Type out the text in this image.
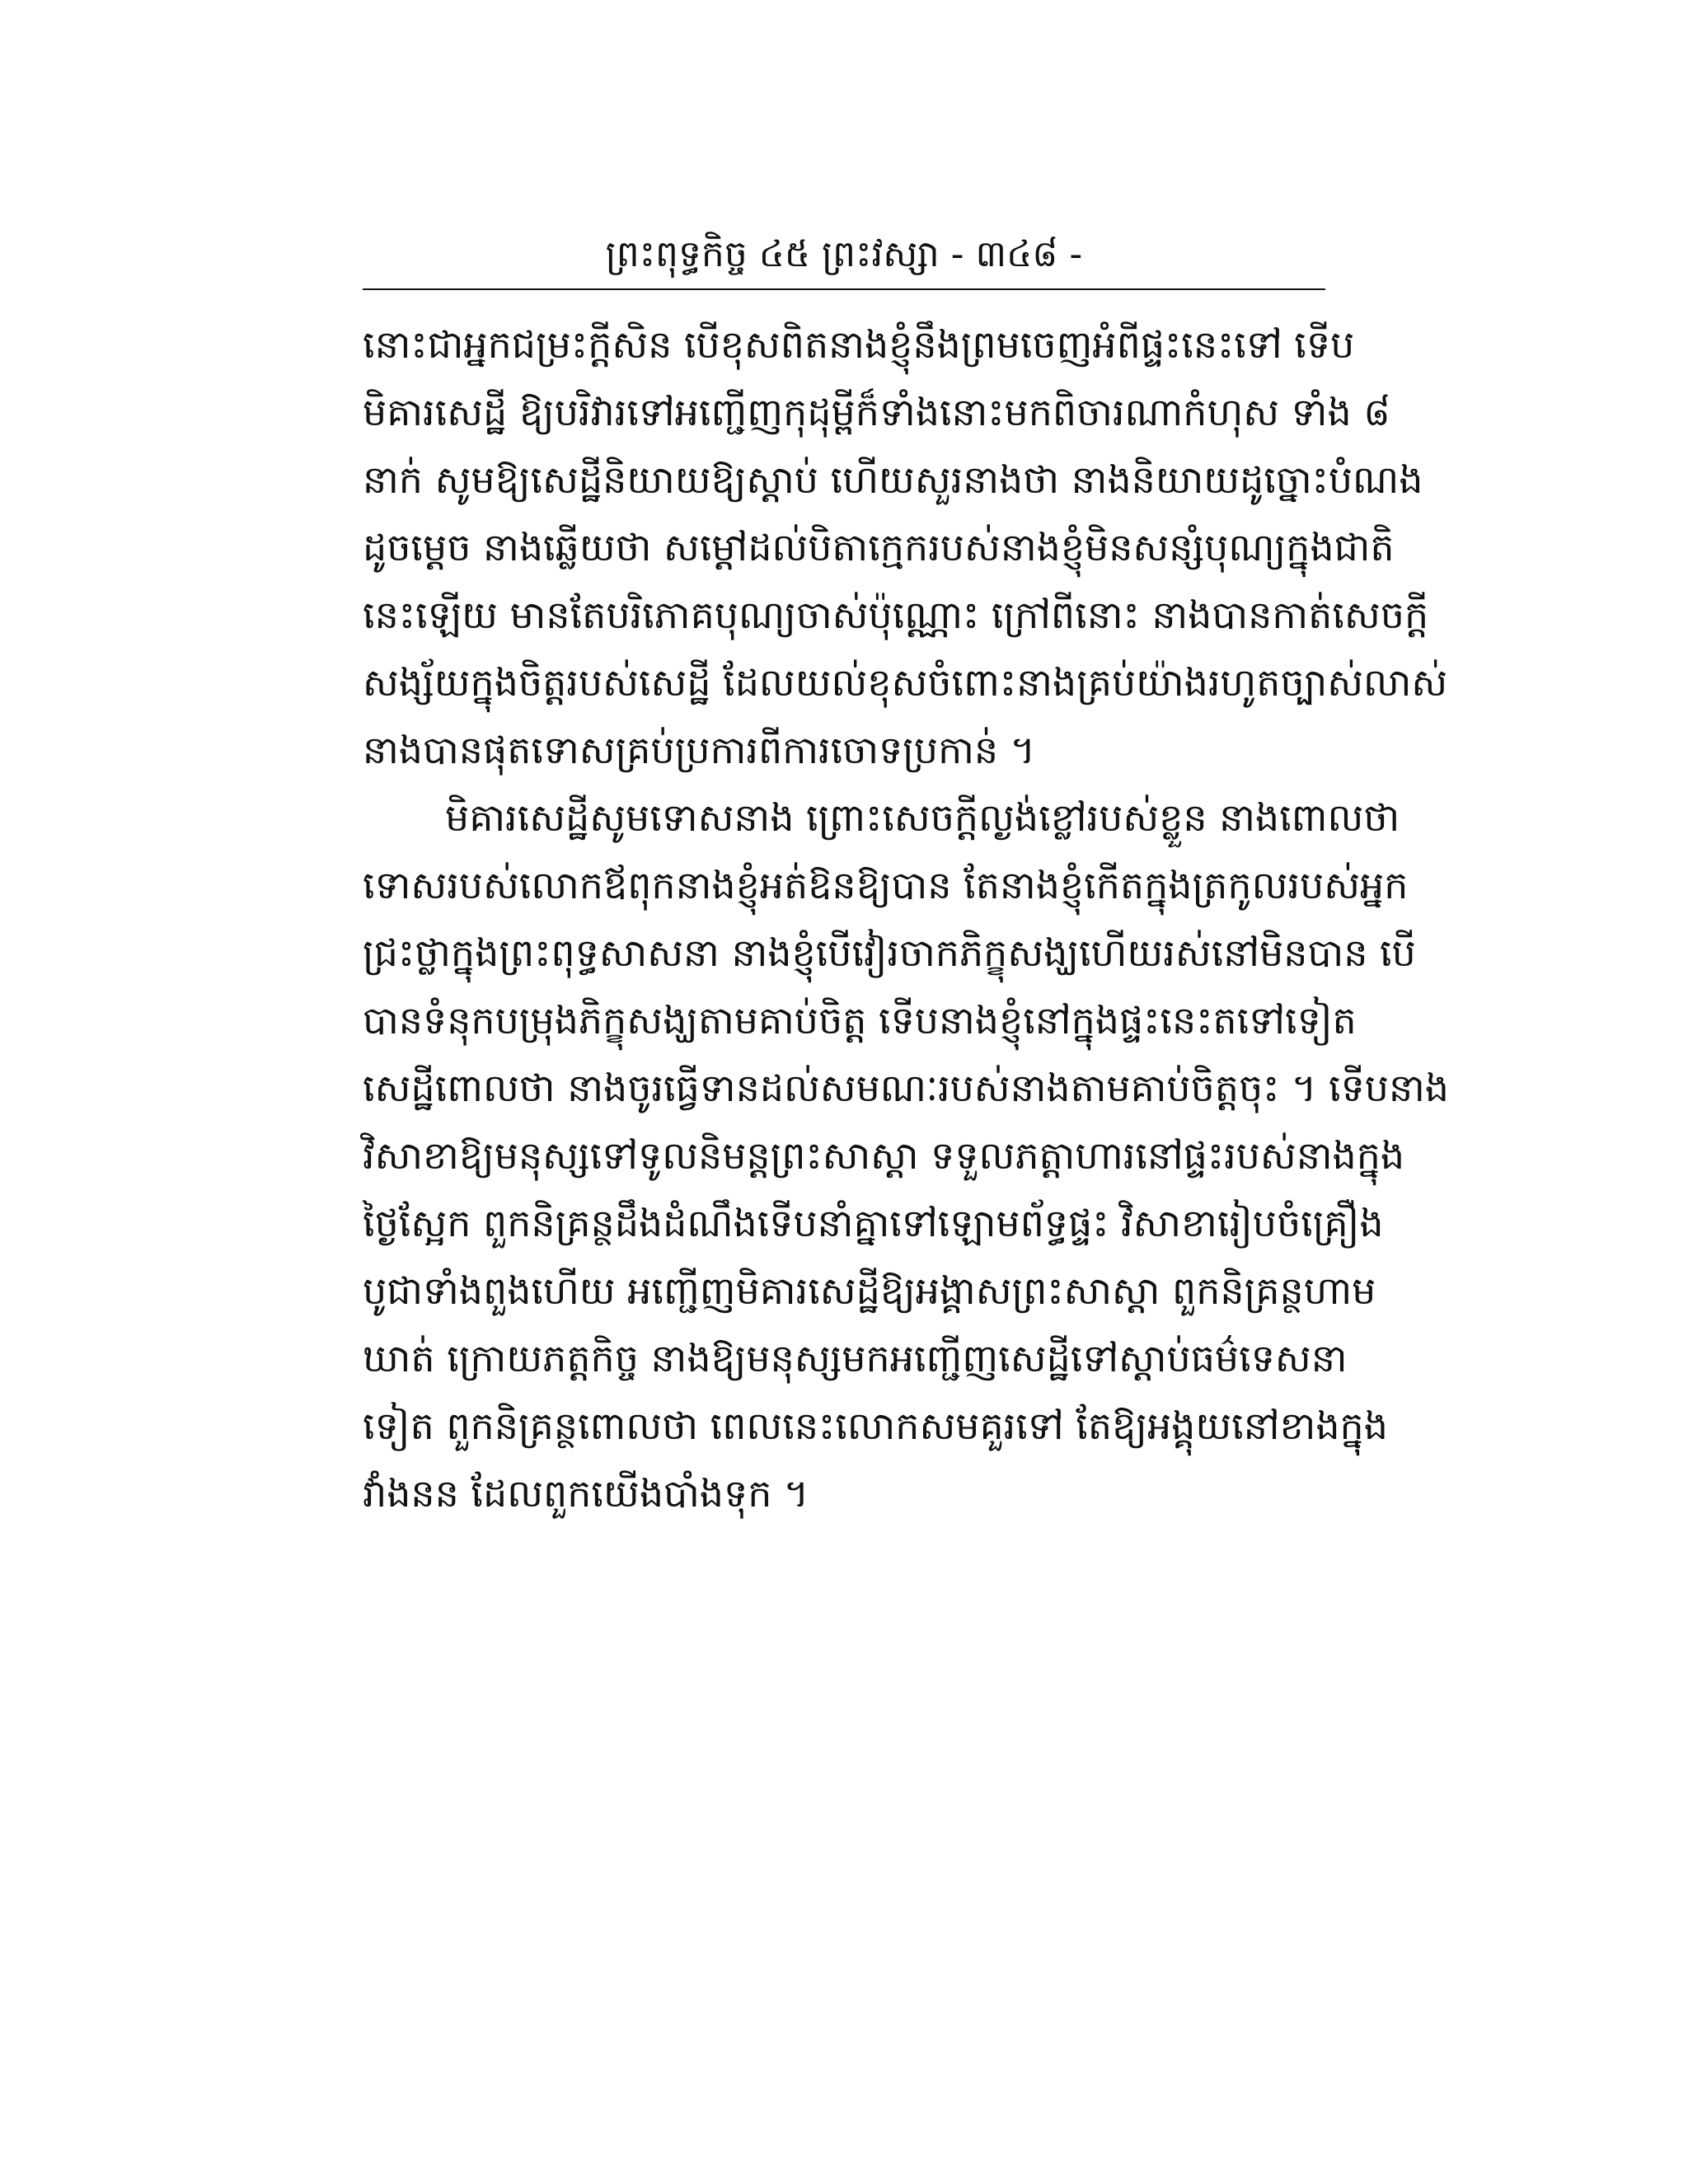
ព្រះពុទ្ធកិច្ច ៤៥ ព្រះវស្សា - ៣៤៨ -
នោះជាអ្នកជម្រះក្ដីសិន បើខុសពិតនាងខ្ញុំនឹងព្រមចេញអំពីផ្ទះនេះទៅ ទើប
មិគារសេដ្ឋី ឱ្យបរិវារទៅអញ្ជើញកុដុម្ពីក៏ទាំងនោះមកពិចារណាកំហុស ទាំង ៨
នាក់ សូមឱ្យសេដ្ឋីនិយាយឱ្យស្ដាប់ ហើយសួរនាងថា នាងនិយាយដូច្នោះបំណង
ដូចម្ដេច នាងឆ្លើយថា សម្ដៅដល់បិតាក្មេករបស់នាងខ្ញុំមិនសន្សំបុណ្យក្នុងជាតិ
នេះឡើយ មានតែបរិភោគបុណ្យចាស់ប៉ុណ្ណោះ ក្រៅពីនោះ នាងបានកាត់សេចក្ដី
សង្ស័យក្នុងចិត្តរបស់សេដ្ឋី ដែលយល់ខុសចំពោះនាងគ្រប់យ៉ាងរហូតច្បាស់លាស់
នាងបានផុតទោសគ្រប់ប្រការពីការចោទប្រកាន់ ។
មិគារសេដ្ឋីសូមទោសនាង ព្រោះសេចក្ដីល្ងង់ខ្លៅរបស់ខ្លួន នាងពោលថា
ទោសរបស់លោកឪពុកនាងខ្ញុំអត់ឱនឱ្យបាន តែនាងខ្ញុំកើតក្នុងត្រកូលរបស់អ្នក
ជ្រះថ្លាក្នុងព្រះពុទ្ធសាសនា នាងខ្ញុំបើវៀរចាកភិក្ខុសង្ឃហើយរស់នៅមិនបាន បើ
បានទំនុកបម្រុងភិក្ខុសង្ឃតាមគាប់ចិត្ត ទើបនាងខ្ញុំនៅក្នុងផ្ទះនេះតទៅទៀត
សេដ្ឋីពោលថា នាងចូរធ្វើទានដល់សមណៈរបស់នាងតាមគាប់ចិត្តចុះ ។ ទើបនាង
វិសាខាឱ្យមនុស្សទៅទូលនិមន្តព្រះសាស្ដា ទទួលភត្តាហារនៅផ្ទះរបស់នាងក្នុង
ថ្ងៃស្អែក ពួកនិគ្រន្ថដឹងដំណឹងទើបនាំគ្នាទៅឡោមព័ទ្ធផ្ទះ វិសាខារៀបចំគ្រឿង
បូជាទាំងពួងហើយ អញ្ជើញមិគារសេដ្ឋីឱ្យអង្គាសព្រះសាស្ដា ពួកនិគ្រន្ថហាម
ឃាត់ ក្រោយភត្តកិច្ច នាងឱ្យមនុស្សមកអញ្ជើញសេដ្ឋីទៅស្ដាប់ធម៌ទេសនា
ទៀត ពួកនិគ្រន្ថពោលថា ពេលនេះលោកសមគួរទៅ តែឱ្យអង្គុយនៅខាងក្នុង
វាំងនន ដែលពួកយើងបាំងទុក ។
